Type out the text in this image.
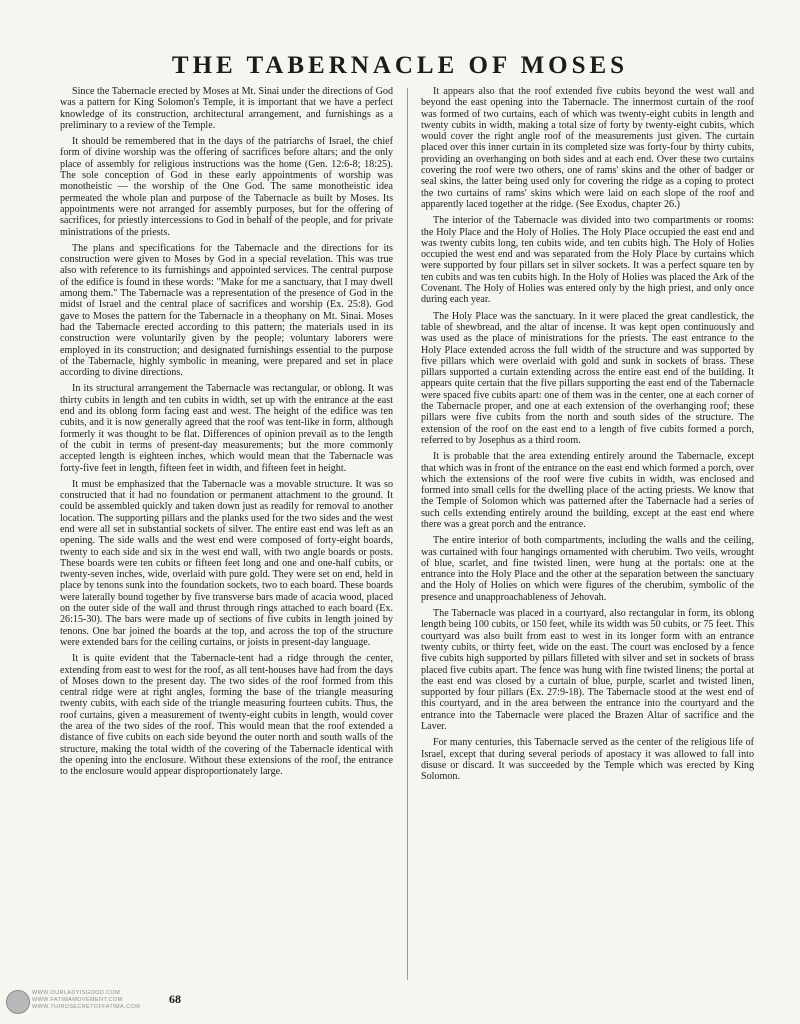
THE TABERNACLE OF MOSES

Since the Tabernacle erected by Moses at Mt. Sinai under the directions of God was a pattern for King Solomon's Temple, it is important that we have a perfect knowledge of its construction, architectural arrangement, and furnishings as a preliminary to a review of the Temple.

It should be remembered that in the days of the patriarchs of Israel, the chief form of divine worship was the offering of sacrifices before altars; and the only place of assembly for religious instructions was the home (Gen. 12:6-8; 18:25). The sole conception of God in these early appointments of worship was monotheistic — the worship of the One God. The same monotheistic idea permeated the whole plan and purpose of the Tabernacle as built by Moses. Its appointments were not arranged for assembly purposes, but for the offering of sacrifices, for priestly intercessions to God in behalf of the people, and for private ministrations of the priests.

The plans and specifications for the Tabernacle and the directions for its construction were given to Moses by God in a special revelation. This was true also with reference to its furnishings and appointed services. The central purpose of the edifice is found in these words: "Make for me a sanctuary, that I may dwell among them." The Tabernacle was a representation of the presence of God in the midst of Israel and the central place of sacrifices and worship (Ex. 25:8). God gave to Moses the pattern for the Tabernacle in a theophany on Mt. Sinai. Moses had the Tabernacle erected according to this pattern; the materials used in its construction were voluntarily given by the people; voluntary laborers were employed in its construction; and designated furnishings essential to the purpose of the Tabernacle, highly symbolic in meaning, were prepared and set in place according to divine directions.

In its structural arrangement the Tabernacle was rectangular, or oblong. It was thirty cubits in length and ten cubits in width, set up with the entrance at the east end and its oblong form facing east and west. The height of the edifice was ten cubits, and it is now generally agreed that the roof was tent-like in form, although formerly it was thought to be flat. Differences of opinion prevail as to the length of the cubit in terms of present-day measurements; but the more commonly accepted length is eighteen inches, which would mean that the Tabernacle was forty-five feet in length, fifteen feet in width, and fifteen feet in height.

It must be emphasized that the Tabernacle was a movable structure. It was so constructed that it had no foundation or permanent attachment to the ground. It could be assembled quickly and taken down just as readily for removal to another location. The supporting pillars and the planks used for the two sides and the west end were all set in substantial sockets of silver. The entire east end was left as an opening. The side walls and the west end were composed of forty-eight boards, twenty to each side and six in the west end wall, with two angle boards or posts. These boards were ten cubits or fifteen feet long and one and one-half cubits, or twenty-seven inches, wide, overlaid with pure gold. They were set on end, held in place by tenons sunk into the foundation sockets, two to each board. These boards were laterally bound together by five transverse bars made of acacia wood, placed on the outer side of the wall and thrust through rings attached to each board (Ex. 26:15-30). The bars were made up of sections of five cubits in length joined by tenons. One bar joined the boards at the top, and across the top of the structure were extended bars for the ceiling curtains, or joists in present-day language.

It is quite evident that the Tabernacle-tent had a ridge through the center, extending from east to west for the roof, as all tent-houses have had from the days of Moses down to the present day. The two sides of the roof formed from this central ridge were at right angles, forming the base of the triangle measuring twenty cubits, with each side of the triangle measuring fourteen cubits. Thus, the roof curtains, given a measurement of twenty-eight cubits in length, would cover the area of the two sides of the roof. This would mean that the roof extended a distance of five cubits on each side beyond the outer north and south walls of the structure, making the total width of the covering of the Tabernacle identical with the opening into the enclosure. Without these extensions of the roof, the entrance to the enclosure would appear disproportionately large.

It appears also that the roof extended five cubits beyond the west wall and beyond the east opening into the Tabernacle. The innermost curtain of the roof was formed of two curtains, each of which was twenty-eight cubits in length and twenty cubits in width, making a total size of forty by twenty-eight cubits, which would cover the right angle roof of the measurements just given. The curtain placed over this inner curtain in its completed size was forty-four by thirty cubits, providing an overhanging on both sides and at each end. Over these two curtains covering the roof were two others, one of rams' skins and the other of badger or seal skins, the latter being used only for covering the ridge as a coping to protect the two curtains of rams' skins which were laid on each slope of the roof and apparently laced together at the ridge. (See Exodus, chapter 26.)

The interior of the Tabernacle was divided into two compartments or rooms: the Holy Place and the Holy of Holies. The Holy Place occupied the east end and was twenty cubits long, ten cubits wide, and ten cubits high. The Holy of Holies occupied the west end and was separated from the Holy Place by curtains which were supported by four pillars set in silver sockets. It was a perfect square ten by ten cubits and was ten cubits high. In the Holy of Holies was placed the Ark of the Covenant. The Holy of Holies was entered only by the high priest, and only once during each year.

The Holy Place was the sanctuary. In it were placed the great candlestick, the table of shewbread, and the altar of incense. It was kept open continuously and was used as the place of ministrations for the priests. The east entrance to the Holy Place extended across the full width of the structure and was supported by five pillars which were overlaid with gold and sunk in sockets of brass. These pillars supported a curtain extending across the entire east end of the building. It appears quite certain that the five pillars supporting the east end of the Tabernacle were spaced five cubits apart: one of them was in the center, one at each corner of the Tabernacle proper, and one at each extension of the overhanging roof; these pillars were five cubits from the north and south sides of the structure. The extension of the roof on the east end to a length of five cubits formed a porch, referred to by Josephus as a third room.

It is probable that the area extending entirely around the Tabernacle, except that which was in front of the entrance on the east end which formed a porch, over which the extensions of the roof were five cubits in width, was enclosed and formed into small cells for the dwelling place of the acting priests. We know that the Temple of Solomon which was patterned after the Tabernacle had a series of such cells extending entirely around the building, except at the east end where there was a great porch and the entrance.

The entire interior of both compartments, including the walls and the ceiling, was curtained with four hangings ornamented with cherubim. Two veils, wrought of blue, scarlet, and fine twisted linen, were hung at the portals: one at the entrance into the Holy Place and the other at the separation between the sanctuary and the Holy of Holies on which were figures of the cherubim, symbolic of the presence and unapproachableness of Jehovah.

The Tabernacle was placed in a courtyard, also rectangular in form, its oblong length being 100 cubits, or 150 feet, while its width was 50 cubits, or 75 feet. This courtyard was also built from east to west in its longer form with an entrance twenty cubits, or thirty feet, wide on the east. The court was enclosed by a fence five cubits high supported by pillars filleted with silver and set in sockets of brass placed five cubits apart. The fence was hung with fine twisted linens; the portal at the east end was closed by a curtain of blue, purple, scarlet and twisted linen, supported by four pillars (Ex. 27:9-18). The Tabernacle stood at the west end of this courtyard, and in the area between the entrance into the courtyard and the entrance into the Tabernacle were placed the Brazen Altar of sacrifice and the Laver.

For many centuries, this Tabernacle served as the center of the religious life of Israel, except that during several periods of apostacy it was allowed to fall into disuse or discard. It was succeeded by the Temple which was erected by King Solomon.

WWW.OURLADYISGOOD.COM
WWW.FATIMAMOVEMENT.COM
WWW.THIRDSECRETOFFATIMA.COM
68
